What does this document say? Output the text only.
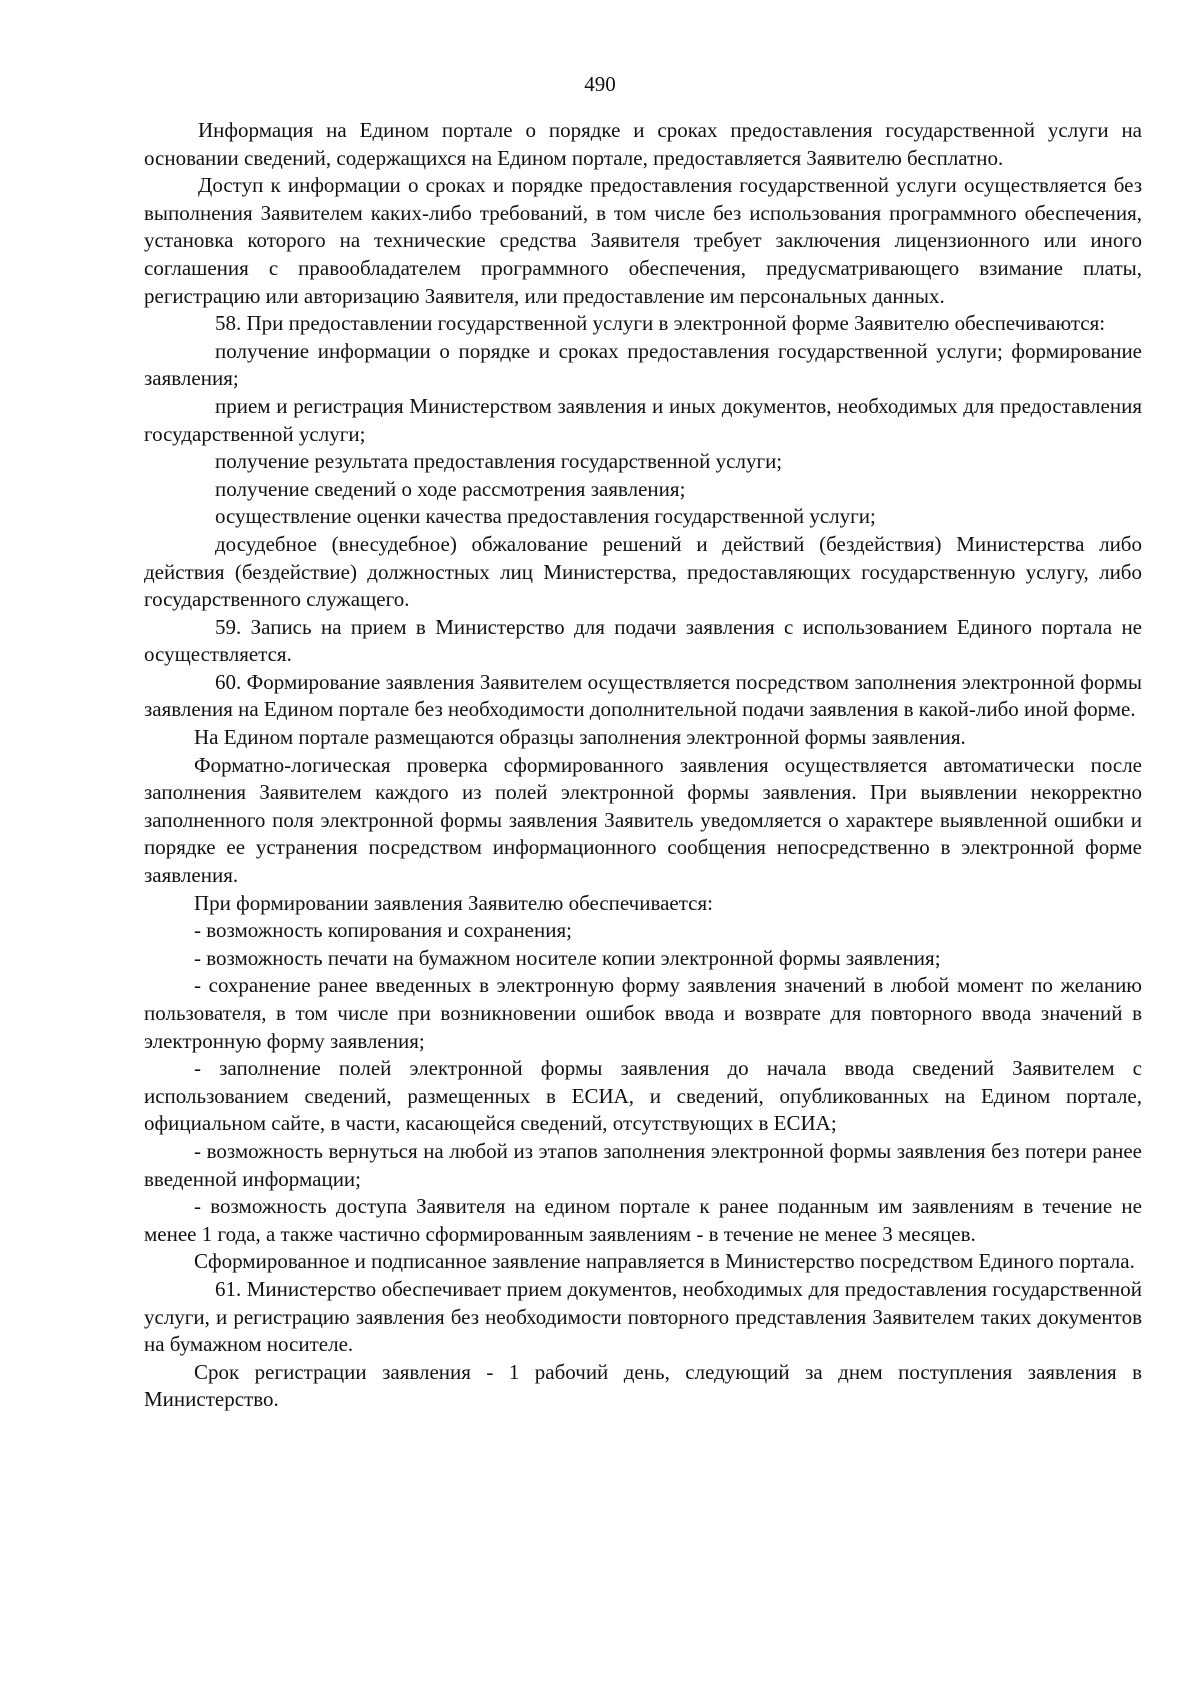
490

Информация на Едином портале о порядке и сроках предоставления государственной услуги на основании сведений, содержащихся на Едином портале, предоставляется Заявителю бесплатно.

Доступ к информации о сроках и порядке предоставления государственной услуги осуществляется без выполнения Заявителем каких-либо требований, в том числе без использования программного обеспечения, установка которого на технические средства Заявителя требует заключения лицензионного или иного соглашения с правообладателем программного обеспечения, предусматривающего взимание платы, регистрацию или авторизацию Заявителя, или предоставление им персональных данных.

58. При предоставлении государственной услуги в электронной форме Заявителю обеспечиваются:

получение информации о порядке и сроках предоставления государственной услуги; формирование заявления;

прием и регистрация Министерством заявления и иных документов, необходимых для предоставления государственной услуги;

получение результата предоставления государственной услуги;

получение сведений о ходе рассмотрения заявления;

осуществление оценки качества предоставления государственной услуги;

досудебное (внесудебное) обжалование решений и действий (бездействия) Министерства либо действия (бездействие) должностных лиц Министерства, предоставляющих государственную услугу, либо государственного служащего.

59. Запись на прием в Министерство для подачи заявления с использованием Единого портала не осуществляется.

60. Формирование заявления Заявителем осуществляется посредством заполнения электронной формы заявления на Едином портале без необходимости дополнительной подачи заявления в какой-либо иной форме.

На Едином портале размещаются образцы заполнения электронной формы заявления.

Форматно-логическая проверка сформированного заявления осуществляется автоматически после заполнения Заявителем каждого из полей электронной формы заявления. При выявлении некорректно заполненного поля электронной формы заявления Заявитель уведомляется о характере выявленной ошибки и порядке ее устранения посредством информационного сообщения непосредственно в электронной форме заявления.

При формировании заявления Заявителю обеспечивается:

- возможность копирования и сохранения;

- возможность печати на бумажном носителе копии электронной формы заявления;

- сохранение ранее введенных в электронную форму заявления значений в любой момент по желанию пользователя, в том числе при возникновении ошибок ввода и возврате для повторного ввода значений в электронную форму заявления;

- заполнение полей электронной формы заявления до начала ввода сведений Заявителем с использованием сведений, размещенных в ЕСИА, и сведений, опубликованных на Едином портале, официальном сайте, в части, касающейся сведений, отсутствующих в ЕСИА;

- возможность вернуться на любой из этапов заполнения электронной формы заявления без потери ранее введенной информации;

- возможность доступа Заявителя на едином портале к ранее поданным им заявлениям в течение не менее 1 года, а также частично сформированным заявлениям - в течение не менее 3 месяцев.

Сформированное и подписанное заявление направляется в Министерство посредством Единого портала.

61. Министерство обеспечивает прием документов, необходимых для предоставления государственной услуги, и регистрацию заявления без необходимости повторного представления Заявителем таких документов на бумажном носителе.

Срок регистрации заявления - 1 рабочий день, следующий за днем поступления заявления в Министерство.
